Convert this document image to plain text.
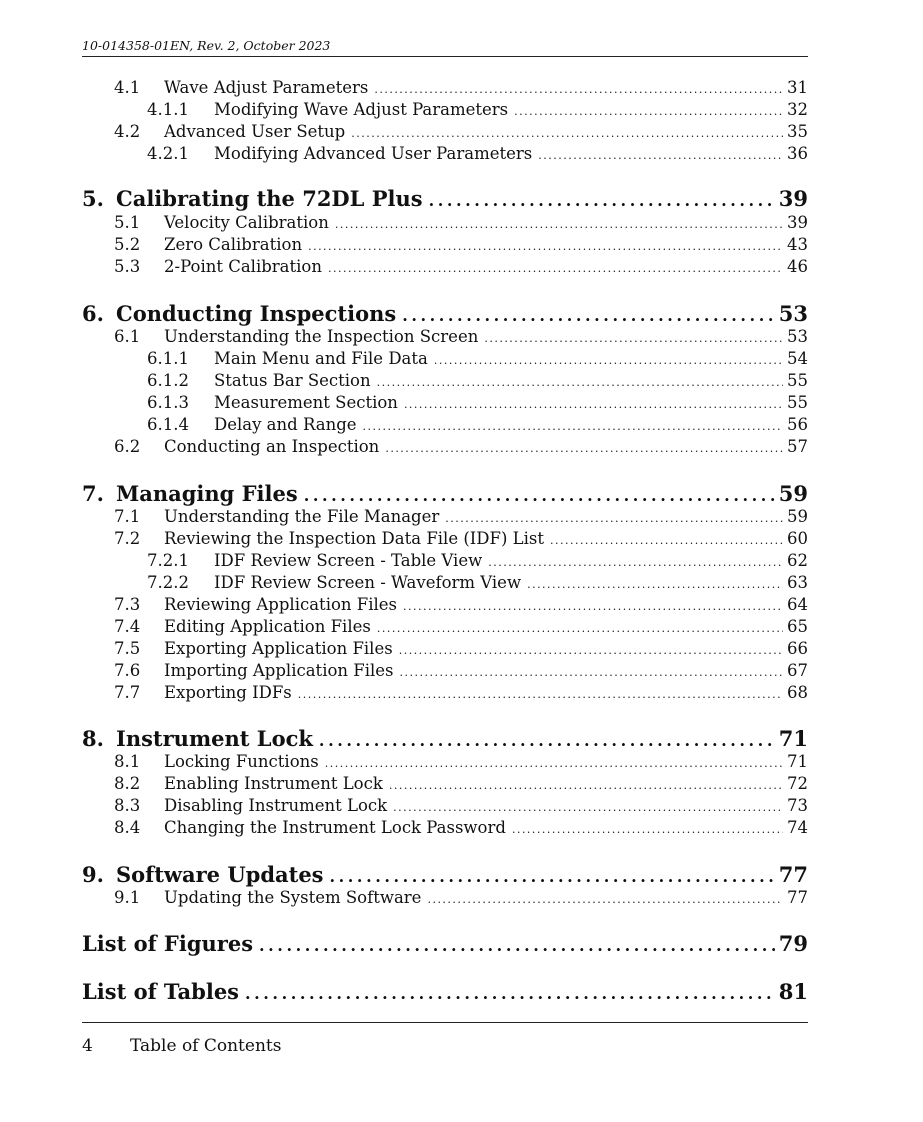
10-014358-01EN, Rev. 2, October 2023
4.1	Wave Adjust Parameters . . .	31
4.1.1	Modifying Wave Adjust Parameters . . .	32
4.2	Advanced User Setup . . .	35
4.2.1	Modifying Advanced User Parameters . . .	36
5. Calibrating the 72DL Plus . . .	39
5.1	Velocity Calibration . . .	39
5.2	Zero Calibration . . .	43
5.3	2-Point Calibration . . .	46
6. Conducting Inspections . . .	53
6.1	Understanding the Inspection Screen . . .	53
6.1.1	Main Menu and File Data . . .	54
6.1.2	Status Bar Section . . .	55
6.1.3	Measurement Section . . .	55
6.1.4	Delay and Range . . .	56
6.2	Conducting an Inspection . . .	57
7. Managing Files . . .	59
7.1	Understanding the File Manager . . .	59
7.2	Reviewing the Inspection Data File (IDF) List . . .	60
7.2.1	IDF Review Screen - Table View . . .	62
7.2.2	IDF Review Screen - Waveform View . . .	63
7.3	Reviewing Application Files . . .	64
7.4	Editing Application Files . . .	65
7.5	Exporting Application Files . . .	66
7.6	Importing Application Files . . .	67
7.7	Exporting IDFs . . .	68
8. Instrument Lock . . .	71
8.1	Locking Functions . . .	71
8.2	Enabling Instrument Lock . . .	72
8.3	Disabling Instrument Lock . . .	73
8.4	Changing the Instrument Lock Password . . .	74
9. Software Updates . . .	77
9.1	Updating the System Software . . .	77
List of Figures . . .	79
List of Tables . . .	81
4 Table of Contents
